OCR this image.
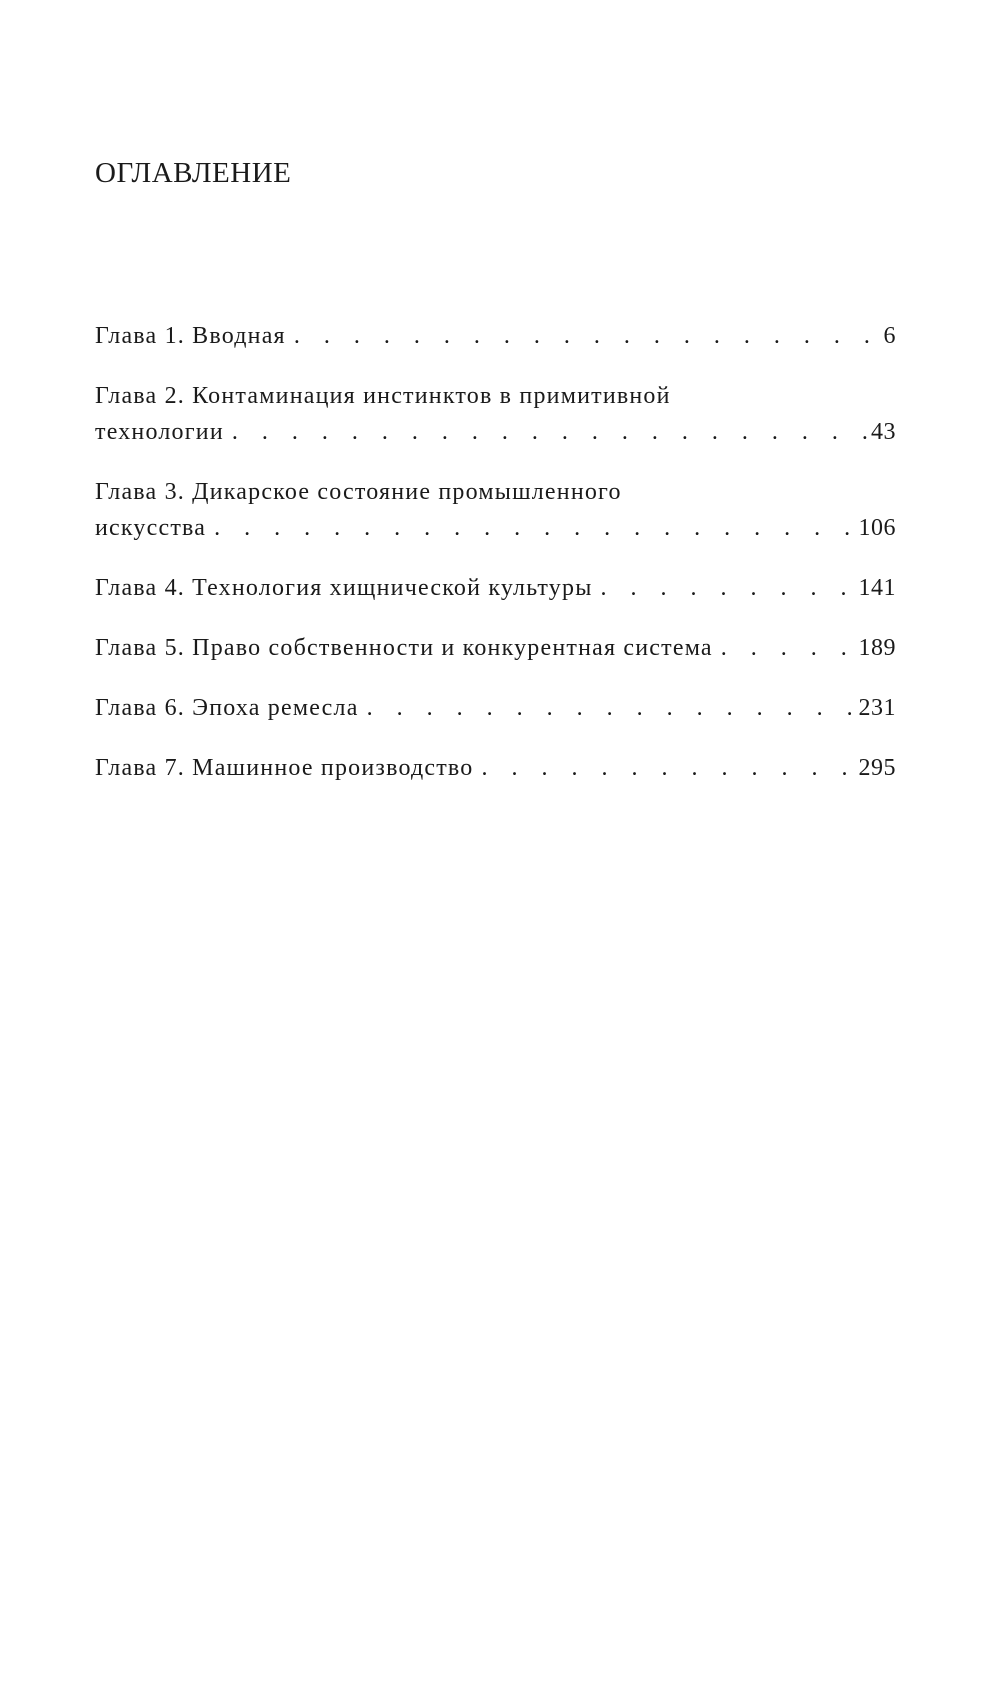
ОГЛАВЛЕНИЕ
Глава 1. Вводная . . .	6
Глава 2. Контаминация инстинктов в примитивной
технологии . . .	43
Глава 3. Дикарское состояние промышленного
искусства . . .	106
Глава 4. Технология хищнической культуры . . .	141
Глава 5. Право собственности и конкурентная система . . .	189
Глава 6. Эпоха ремесла . . .	231
Глава 7. Машинное производство . . .	295
